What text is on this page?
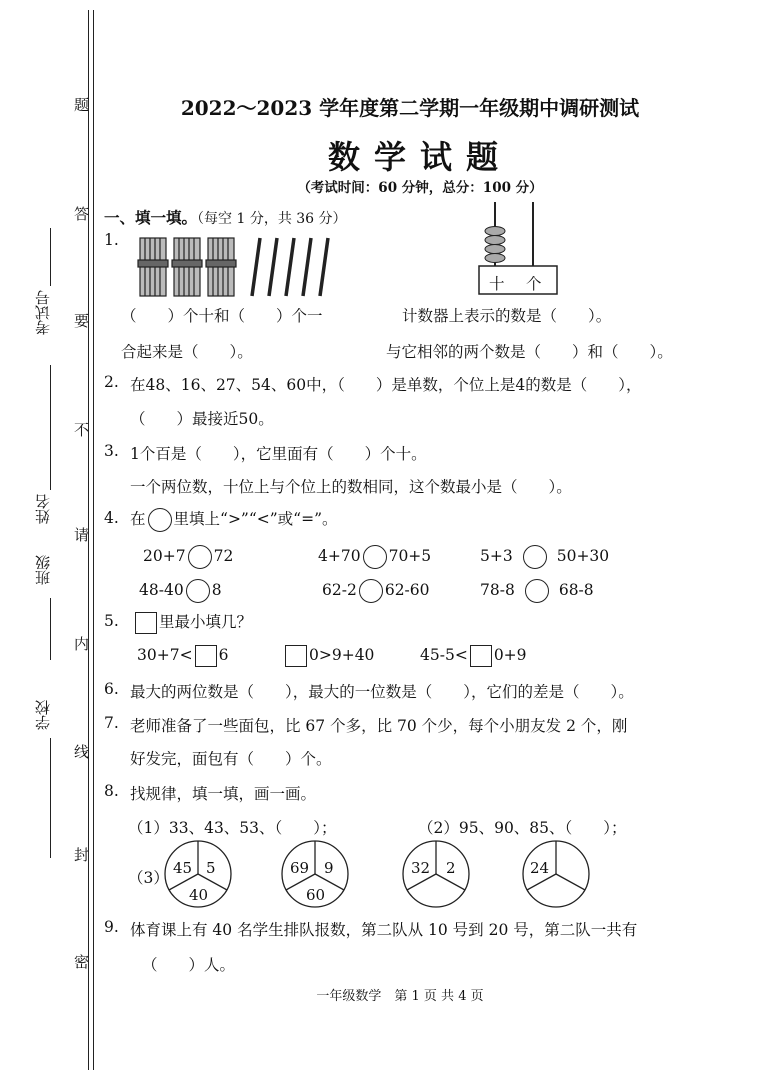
题
答
要
不
请
内
线
封
密
考试号
姓名
班级
学校
2022～2023 学年度第二学期一年级期中调研测试
数学试题
（考试时间：60 分钟，总分：100 分）
一、填一填。（每空 1 分，共 36 分）
1.
十 个
（　　）个十和（　　）个一
合起来是（　　）。
计数器上表示的数是（　　）。
与它相邻的两个数是（　　）和（　　）。
2. 在48、16、27、54、60中，（　　）是单数，个位上是4的数是（　　），
（　　）最接近50。
3. 1个百是（　　），它里面有（　　）个十。
一个两位数，十位上与个位上的数相同，这个数最小是（　　）。
4. 在 里填上“>”“<”或“=”。
20+7 72	4+70 70+5	5+3	50+30
48-40 8	62-2 62-60	78-8	68-8
5.	里最小填几？
30+7< 6	0>9+40	45-5< 0+9
6. 最大的两位数是（　　），最大的一位数是（　　），它们的差是（　　）。
7. 老师准备了一些面包，比 67 个多，比 70 个少，每个小朋友发 2 个，刚
好发完，面包有（　　）个。
8. 找规律，填一填，画一画。
（1）33、43、53、（　　）；	（2）95、90、85、（　　）；
（3）
45 5
40
69 9
60
32 2	24
9. 体育课上有 40 名学生排队报数，第二队从 10 号到 20 号，第二队一共有
（　　）人。
一年级数学　第 1 页 共 4 页
